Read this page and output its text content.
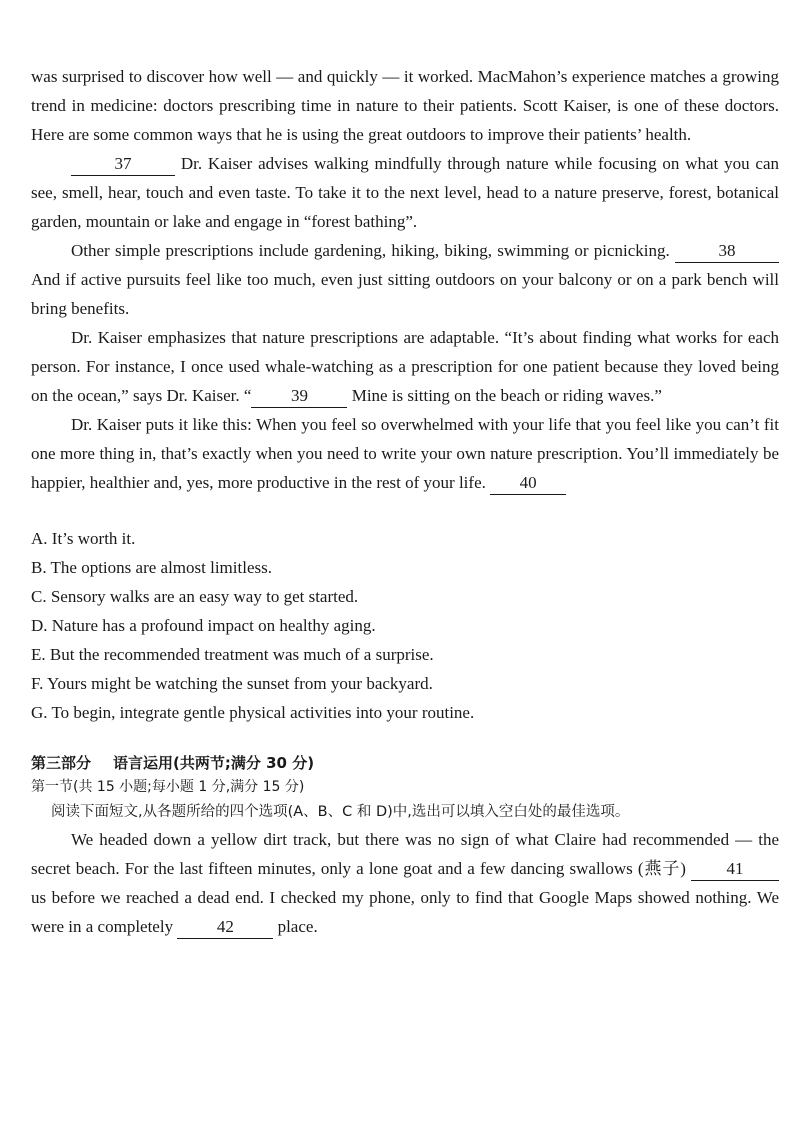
was surprised to discover how well — and quickly — it worked. MacMahon’s experience matches a growing trend in medicine: doctors prescribing time in nature to their patients. Scott Kaiser, is one of these doctors. Here are some common ways that he is using the great outdoors to improve their patients’ health.

37	Dr. Kaiser advises walking mindfully through nature while focusing on what you can see, smell, hear, touch and even taste. To take it to the next level, head to a nature preserve, forest, botanical garden, mountain or lake and engage in “forest bathing”.

Other simple prescriptions include gardening, hiking, biking, swimming or picnicking.	38 And if active pursuits feel like too much, even just sitting outdoors on your balcony or on a park bench will bring benefits.

Dr. Kaiser emphasizes that nature prescriptions are adaptable. “It’s about finding what works for each person. For instance, I once used whale-watching as a prescription for one patient because they loved being on the ocean,” says Dr. Kaiser. “ 39 Mine is sitting on the beach or riding waves.”

Dr. Kaiser puts it like this: When you feel so overwhelmed with your life that you feel like you can’t fit one more thing in, that’s exactly when you need to write your own nature prescription. You’ll immediately be happier, healthier and, yes, more productive in the rest of your life. 40

A. It’s worth it.

B. The options are almost limitless.

C. Sensory walks are an easy way to get started.

D. Nature has a profound impact on healthy aging.

E. But the recommended treatment was much of a surprise.

F. Yours might be watching the sunset from your backyard.

G. To begin, integrate gentle physical activities into your routine.

第三部分 语言运用(共两节;满分 30 分)

第一节(共 15 小题;每小题 1 分,满分 15 分)

阅读下面短文,从各题所给的四个选项(A、B、C 和 D)中,选出可以填入空白处的最佳选项。

We headed down a yellow dirt track, but there was no sign of what Claire had recommended — the secret beach. For the last fifteen minutes, only a lone goat and a few dancing swallows (燕子) 41 us before we reached a dead end. I checked my phone, only to find that Google Maps showed nothing. We were in a completely 42 place.
